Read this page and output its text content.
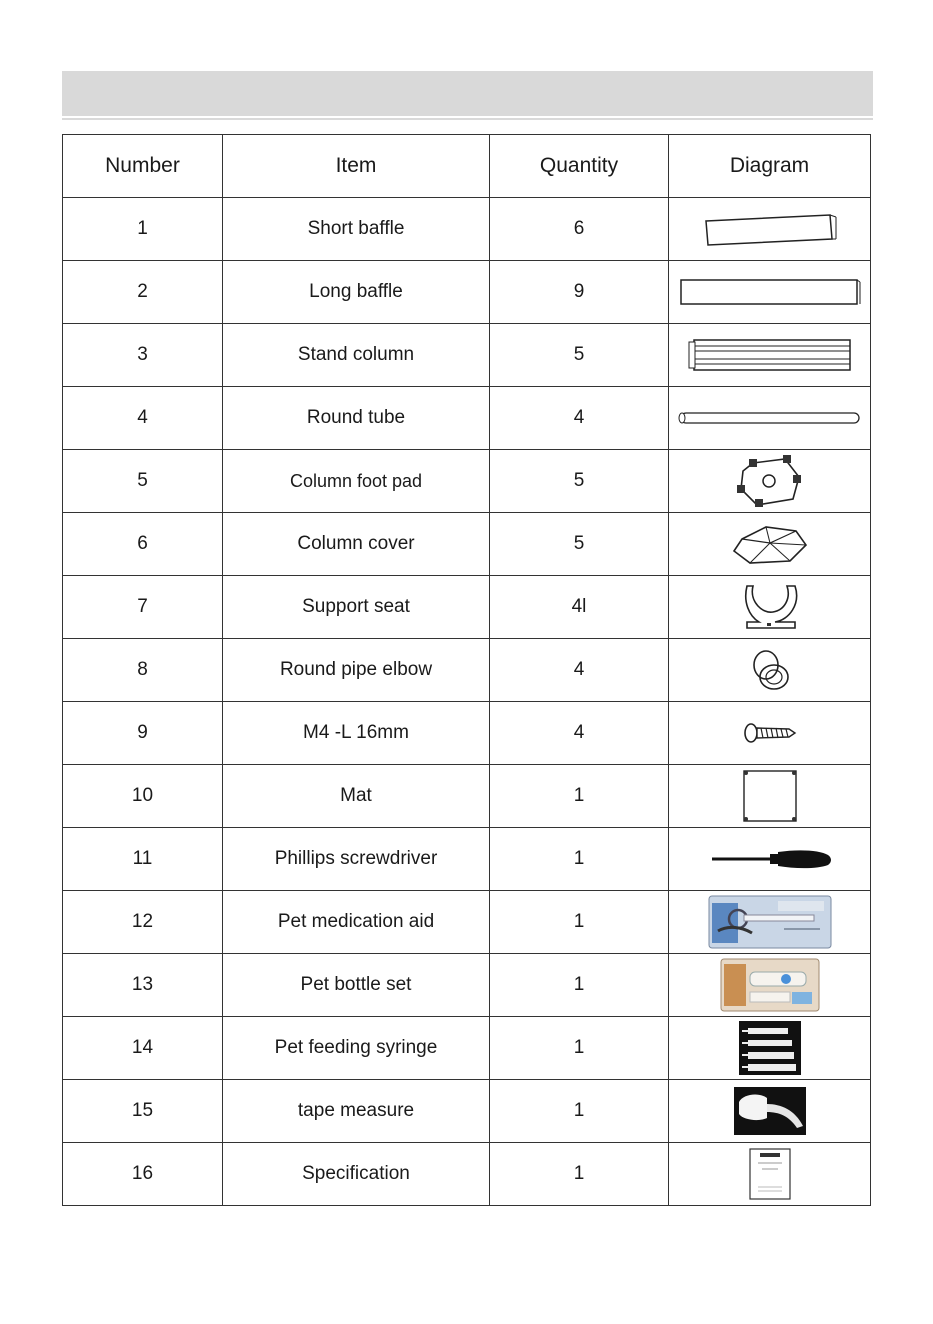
Number	Item	Quantity	Diagram
1	Short baffle	6	

2	Long baffle	9	

3	Stand column	5	

4	Round tube	4	

5	Column foot pad	5	

6	Column cover	5	

7	Support seat	4l	

8	Round pipe elbow	4	

9	M4 -L 16mm	4	

10	Mat	1	

11	Phillips screwdriver	1	

12	Pet medication aid	1	

13	Pet bottle set	1	

14	Pet feeding syringe	1	

15	tape measure	1	

16	Specification	1	
